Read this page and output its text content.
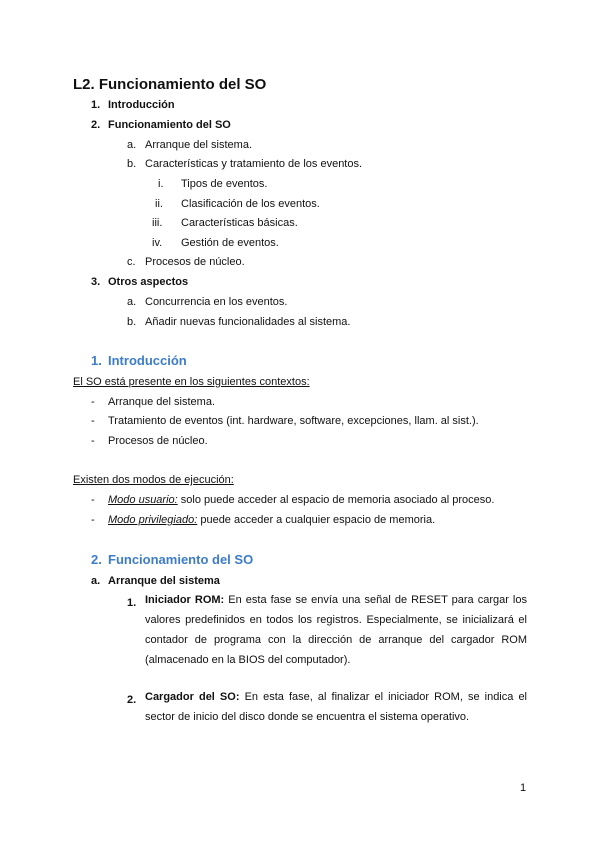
L2. Funcionamiento del SO
1. Introducción
2. Funcionamiento del SO
a. Arranque del sistema.
b. Características y tratamiento de los eventos.
i. Tipos de eventos.
ii. Clasificación de los eventos.
iii. Características básicas.
iv. Gestión de eventos.
c. Procesos de núcleo.
3. Otros aspectos
a. Concurrencia en los eventos.
b. Añadir nuevas funcionalidades al sistema.
1. Introducción
El SO está presente en los siguientes contextos:
- Arranque del sistema.
- Tratamiento de eventos (int. hardware, software, excepciones, llam. al sist.).
- Procesos de núcleo.
Existen dos modos de ejecución:
- Modo usuario: solo puede acceder al espacio de memoria asociado al proceso.
- Modo privilegiado: puede acceder a cualquier espacio de memoria.
2. Funcionamiento del SO
a. Arranque del sistema
1. Iniciador ROM: En esta fase se envía una señal de RESET para cargar los valores predefinidos en todos los registros. Especialmente, se inicializará el contador de programa con la dirección de arranque del cargador ROM (almacenado en la BIOS del computador).

2. Cargador del SO: En esta fase, al finalizar el iniciador ROM, se indica el sector de inicio del disco donde se encuentra el sistema operativo.

1
